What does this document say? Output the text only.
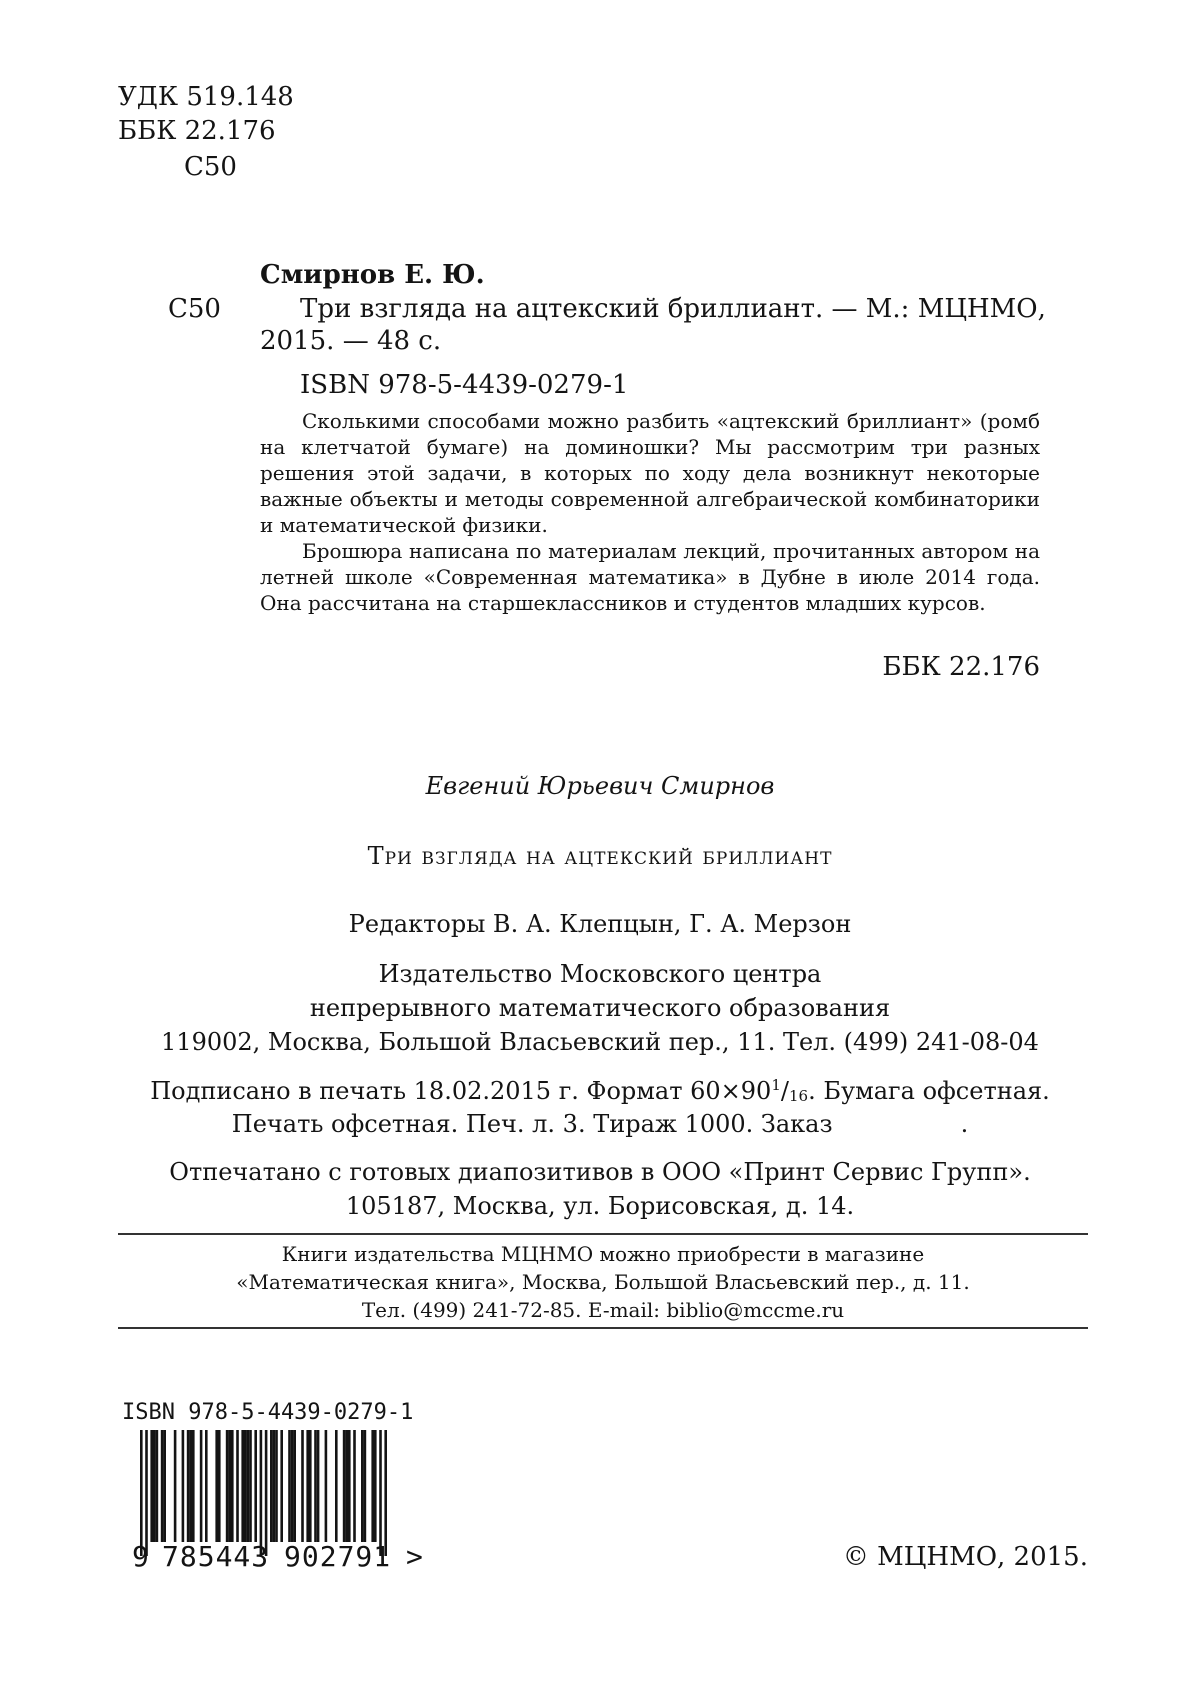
УДК 519.148
ББК 22.176
С50
Смирнов Е. Ю.
С50	Три взгляда на ацтекский бриллиант. — М.: МЦНМО,
2015. — 48 с.
ISBN 978-5-4439-0279-1

Сколькими способами можно разбить «ацтекский бриллиант» (ромб на клетчатой бумаге) на доминошки? Мы рассмотрим три разных решения этой задачи, в которых по ходу дела возникнут некоторые важные объекты и методы современной алгебраической комбинаторики и математической физики.

Брошюра написана по материалам лекций, прочитанных автором на летней школе «Современная математика» в Дубне в июле 2014 года. Она рассчитана на старшеклассников и студентов младших курсов.

ББК 22.176
Евгений Юрьевич Смирнов
Три взгляда на ацтекский бриллиант
Редакторы В. А. Клепцын, Г. А. Мерзон
Издательство Московского центра
непрерывного математического образования
119002, Москва, Большой Власьевский пер., 11. Тел. (499) 241-08-04
Подписано в печать 18.02.2015 г. Формат $60\times 90^1/_{16}$. Бумага офсетная.
Печать офсетная. Печ. л. 3. Тираж 1000. Заказ	.
Отпечатано с готовых диапозитивов в ООО «Принт Сервис Групп».
105187, Москва, ул. Борисовская, д. 14.
Книги издательства МЦНМО можно приобрести в магазине
«Математическая книга», Москва, Большой Власьевский пер., д. 11.
Тел. (499) 241-72-85. E-mail: biblio@mccme.ru
ISBN 978-5-4439-0279-1
9 785443 902791 >	© МЦНМО, 2015.
